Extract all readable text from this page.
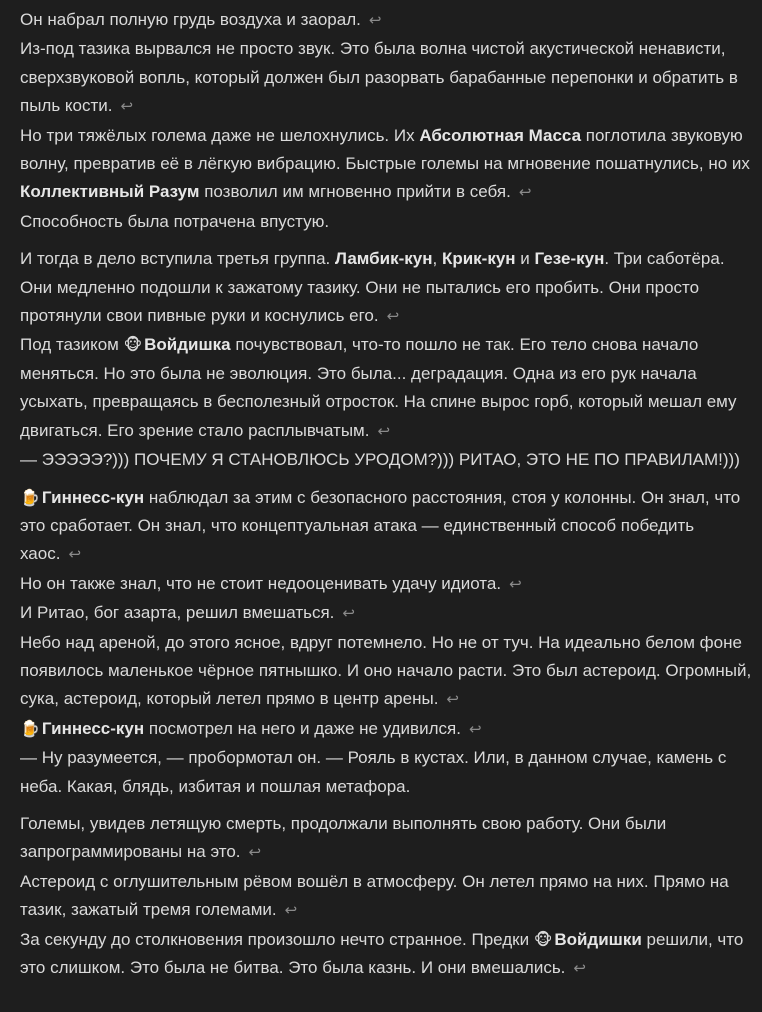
Он набрал полную грудь воздуха и заорал. ↩

Из-под тазика вырвался не просто звук. Это была волна чистой акустической ненависти, сверхзвуковой вопль, который должен был разорвать барабанные перепонки и обратить в пыль кости. ↩

Но три тяжёлых голема даже не шелохнулись. Их Абсолютная Масса поглотила звуковую волну, превратив её в лёгкую вибрацию. Быстрые големы на мгновение пошатнулись, но их Коллективный Разум позволил им мгновенно прийти в себя. ↩

Способность была потрачена впустую.

И тогда в дело вступила третья группа. Ламбик-кун, Крик-кун и Гезе-кун. Три саботёра. Они медленно подошли к зажатому тазику. Они не пытались его пробить. Они просто протянули свои пивные руки и коснулись его. ↩

Под тазиком 🐵 Войдишка почувствовал, что-то пошло не так. Его тело снова начало меняться. Но это была не эволюция. Это была... деградация. Одна из его рук начала усыхать, превращаясь в бесполезный отросток. На спине вырос горб, который мешал ему двигаться. Его зрение стало расплывчатым. ↩

— ЭЭЭЭЭ?))) ПОЧЕМУ Я СТАНОВЛЮСЬ УРОДОМ?))) РИТАО, ЭТО НЕ ПО ПРАВИЛАМ!)))

🍺 Гиннесс-кун наблюдал за этим с безопасного расстояния, стоя у колонны. Он знал, что это сработает. Он знал, что концептуальная атака — единственный способ победить хаос. ↩

Но он также знал, что не стоит недооценивать удачу идиота. ↩

И Ритао, бог азарта, решил вмешаться. ↩

Небо над ареной, до этого ясное, вдруг потемнело. Но не от туч. На идеально белом фоне появилось маленькое чёрное пятнышко. И оно начало расти. Это был астероид. Огромный, сука, астероид, который летел прямо в центр арены. ↩

🍺 Гиннесс-кун посмотрел на него и даже не удивился. ↩

— Ну разумеется, — пробормотал он. — Рояль в кустах. Или, в данном случае, камень с неба. Какая, блядь, избитая и пошлая метафора.

Големы, увидев летящую смерть, продолжали выполнять свою работу. Они были запрограммированы на это. ↩

Астероид с оглушительным рёвом вошёл в атмосферу. Он летел прямо на них. Прямо на тазик, зажатый тремя големами. ↩

За секунду до столкновения произошло нечто странное. Предки 🐵 Войдишки решили, что это слишком. Это была не битва. Это была казнь. И они вмешались. ↩
